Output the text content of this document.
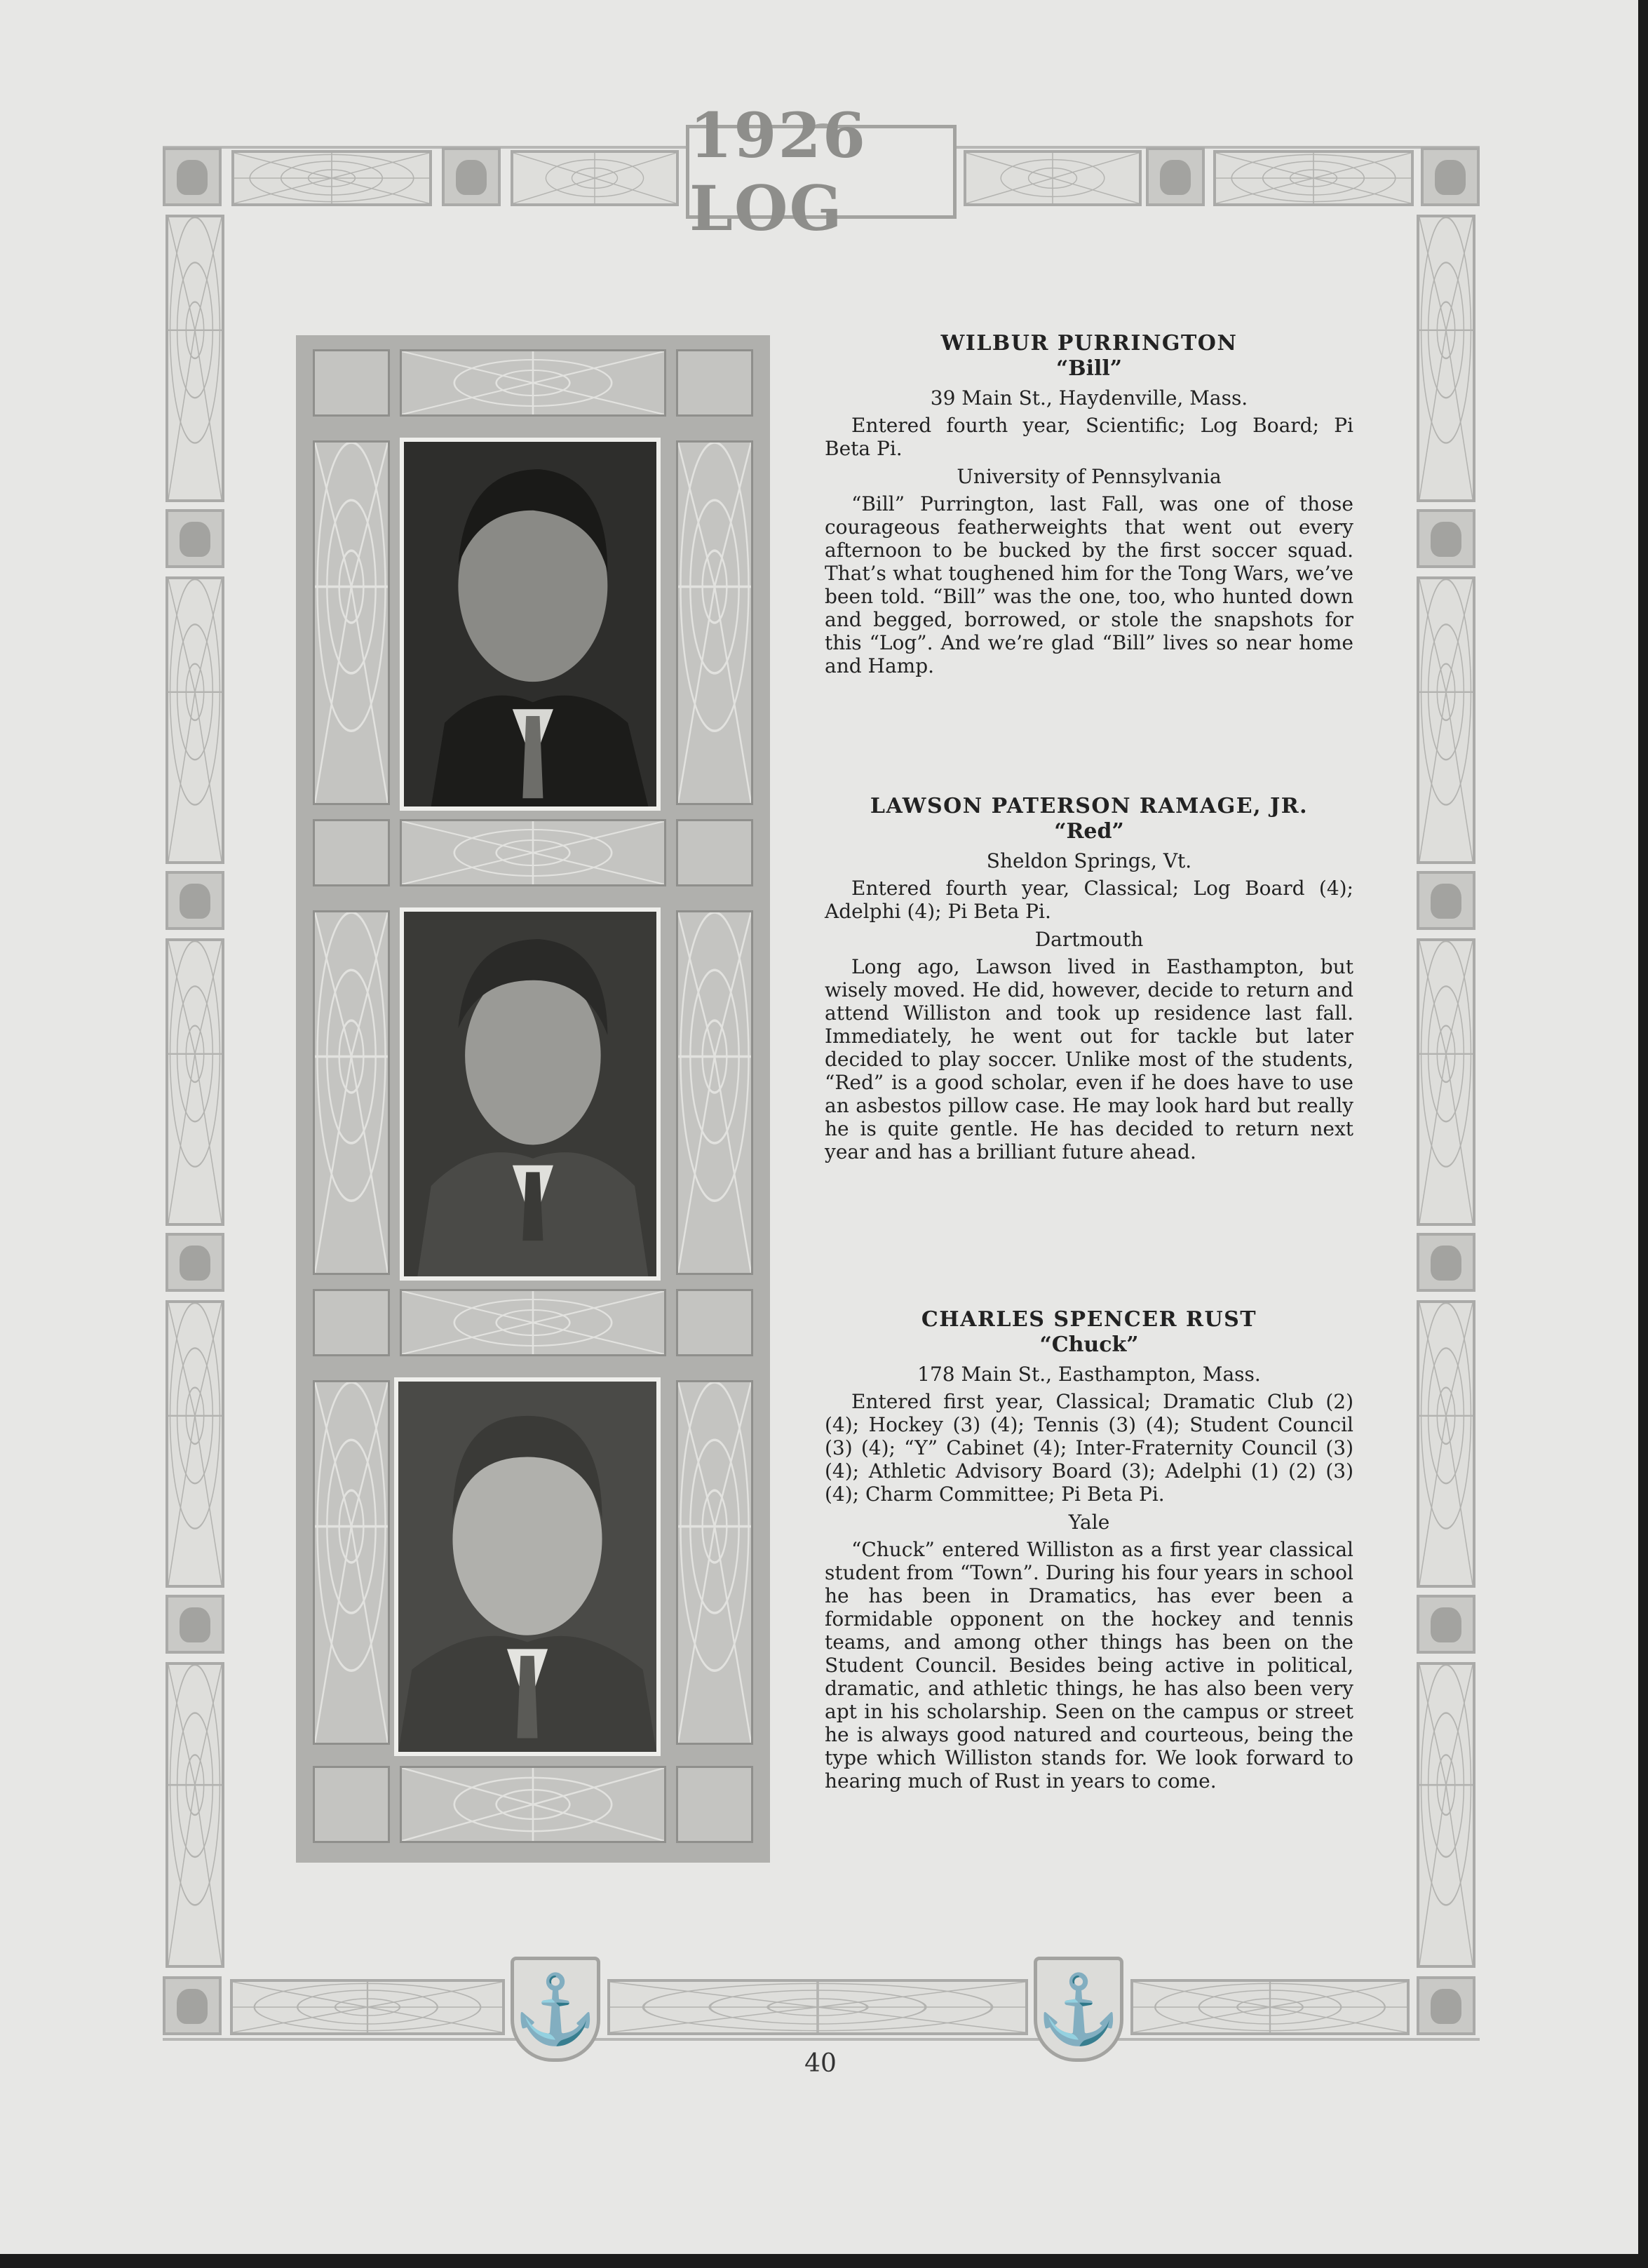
1926 LOG
⚓	⚓
WILBUR PURRINGTON
“Bill”
39 Main St., Haydenville, Mass.

Entered fourth year, Scientific; Log Board; Pi Beta Pi.

University of Pennsylvania

“Bill” Purrington, last Fall, was one of those courageous featherweights that went out every afternoon to be bucked by the first soccer squad. That’s what toughened him for the Tong Wars, we’ve been told. “Bill” was the one, too, who hunted down and begged, borrowed, or stole the snapshots for this “Log”. And we’re glad “Bill” lives so near home and Hamp.

LAWSON PATERSON RAMAGE, JR.
“Red”
Sheldon Springs, Vt.

Entered fourth year, Classical; Log Board (4); Adelphi (4); Pi Beta Pi.

Dartmouth

Long ago, Lawson lived in Easthampton, but wisely moved. He did, however, decide to return and attend Williston and took up residence last fall. Immediately, he went out for tackle but later decided to play soccer. Unlike most of the students, “Red” is a good scholar, even if he does have to use an asbestos pillow case. He may look hard but really he is quite gentle. He has decided to return next year and has a brilliant future ahead.

CHARLES SPENCER RUST
“Chuck”
178 Main St., Easthampton, Mass.

Entered first year, Classical; Dramatic Club (2) (4); Hockey (3) (4); Tennis (3) (4); Student Council (3) (4); “Y” Cabinet (4); Inter-Fraternity Council (3) (4); Athletic Advisory Board (3); Adelphi (1) (2) (3) (4); Charm Committee; Pi Beta Pi.

Yale

“Chuck” entered Williston as a first year classical student from “Town”. During his four years in school he has been in Dramatics, has ever been a formidable opponent on the hockey and tennis teams, and among other things has been on the Student Council. Besides being active in political, dramatic, and athletic things, he has also been very apt in his scholarship. Seen on the campus or street he is always good natured and courteous, being the type which Williston stands for. We look forward to hearing much of Rust in years to come.

40
